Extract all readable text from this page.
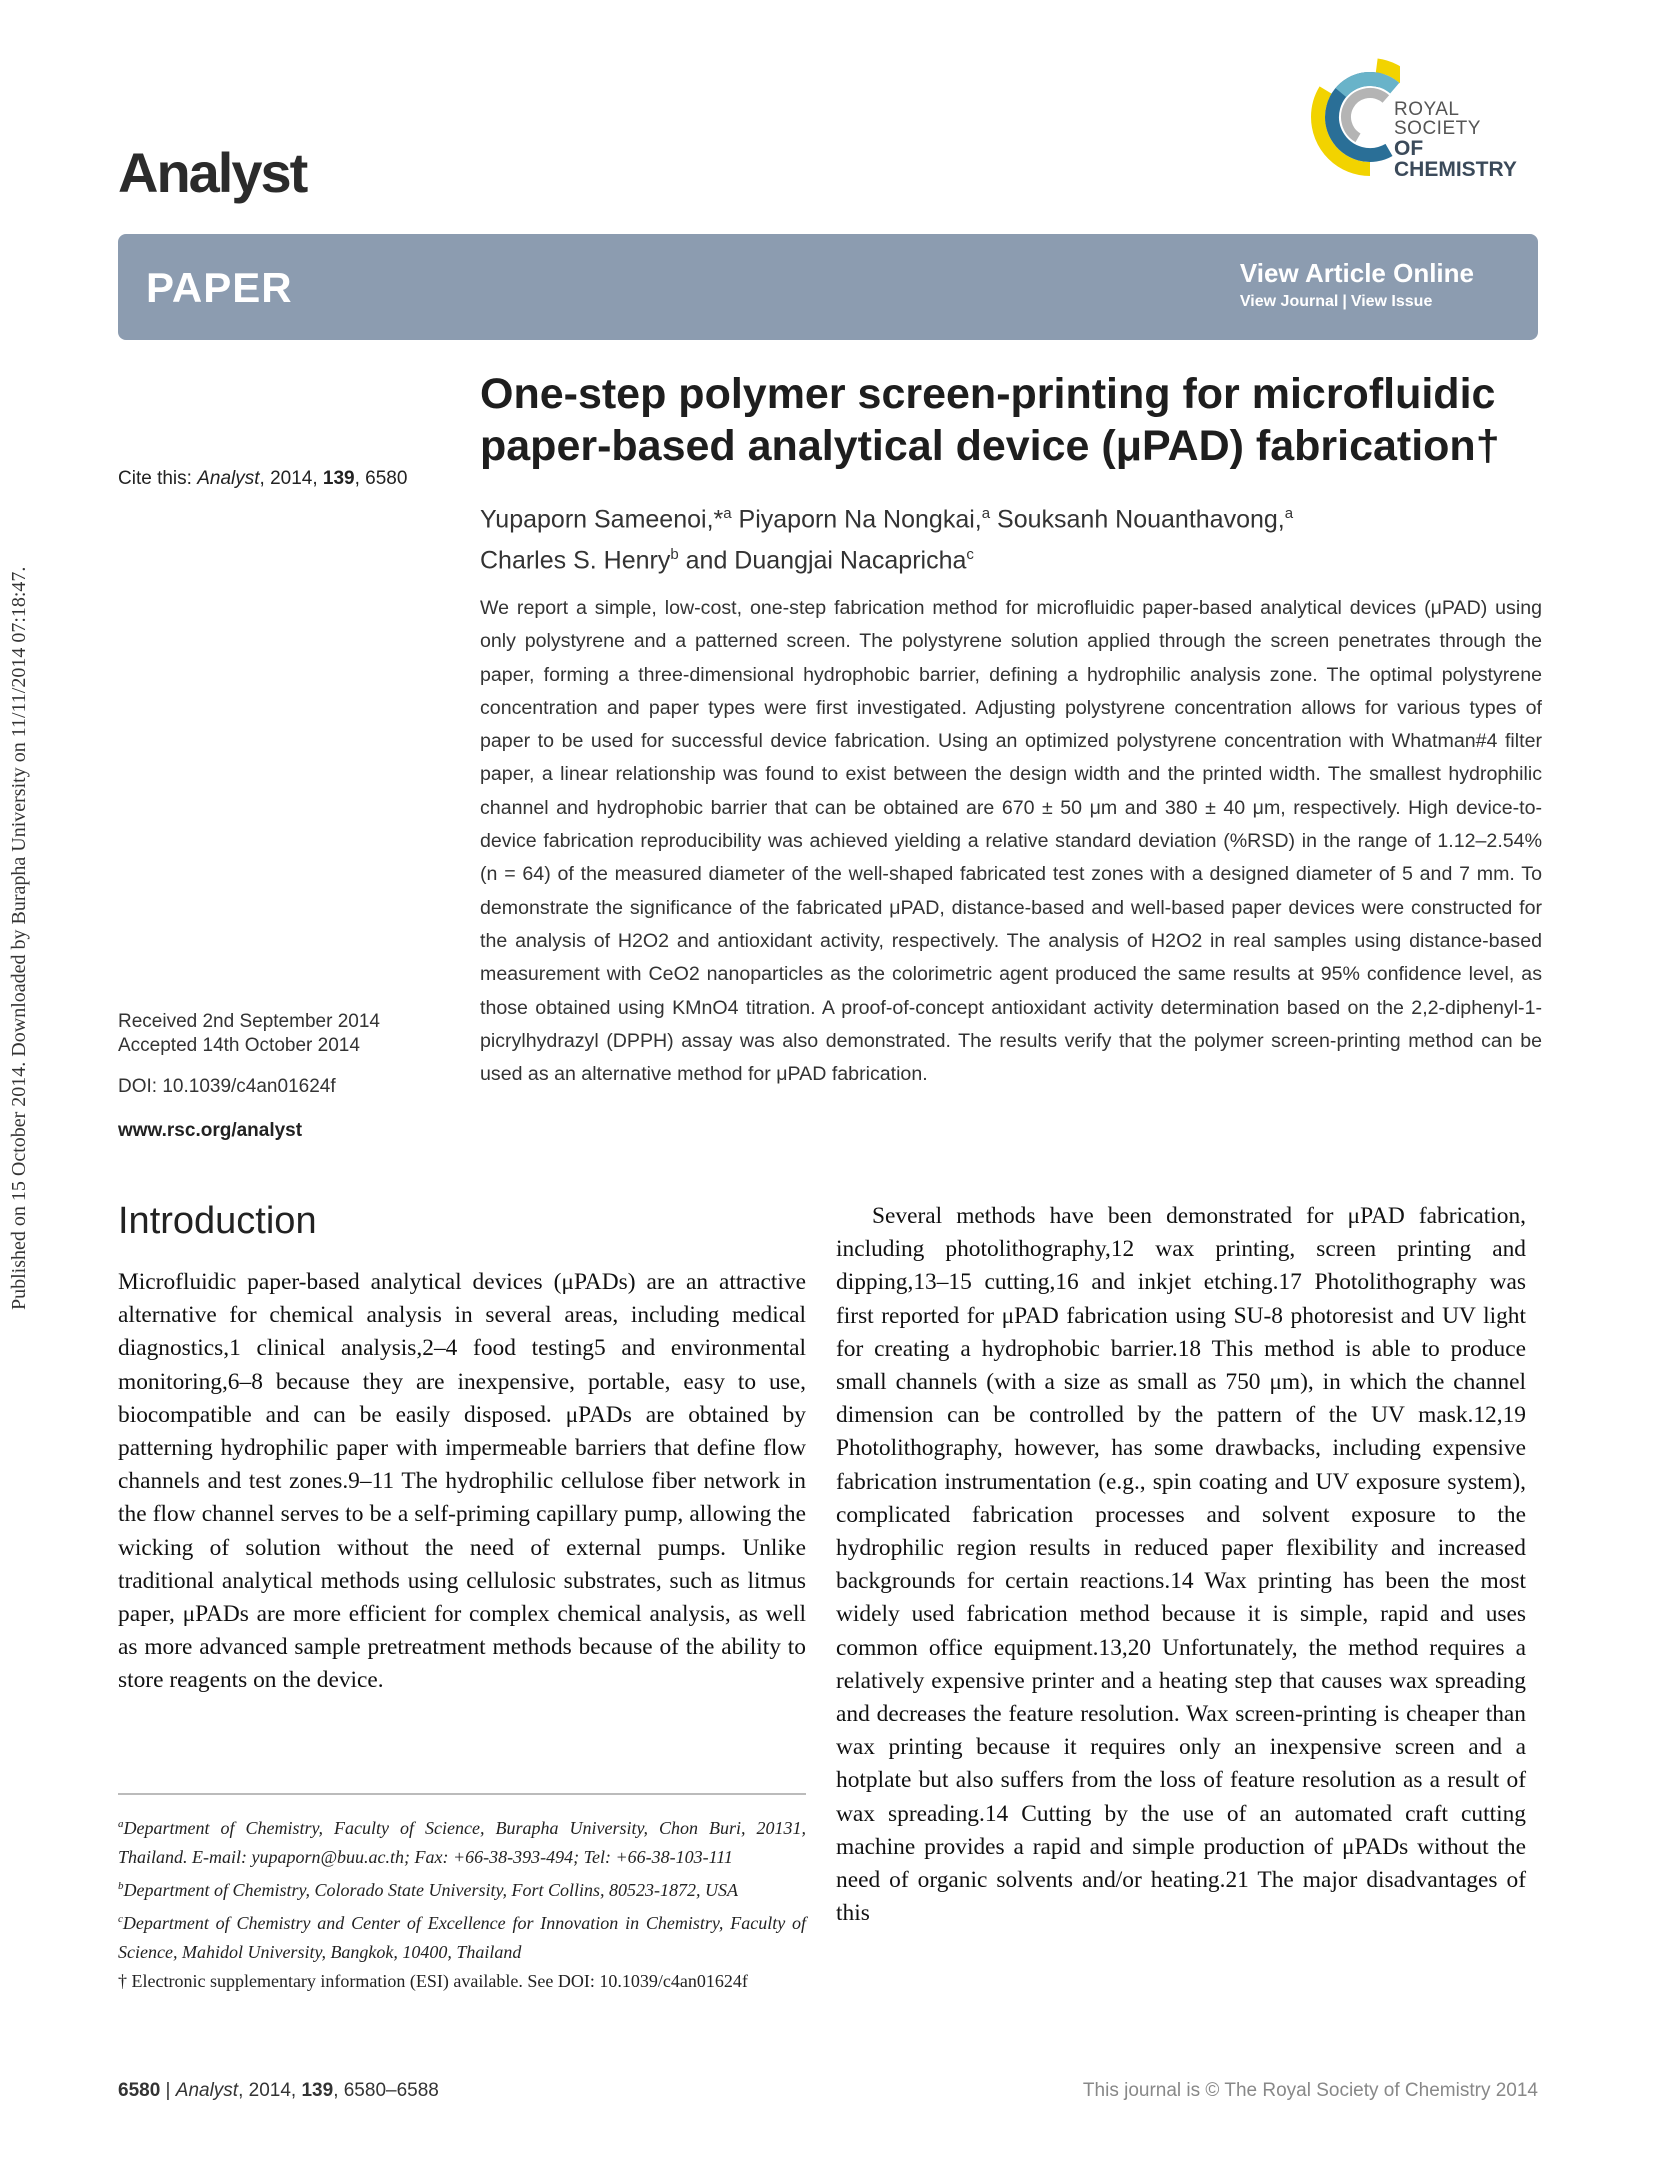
Published on 15 October 2014. Downloaded by Burapha University on 11/11/2014 07:18:47.
Analyst
ROYAL SOCIETY
OF CHEMISTRY
PAPER	View Article Online
View Journal | View Issue
Cite this: Analyst, 2014, 139, 6580
One-step polymer screen-printing for microfluidic paper-based analytical device (μPAD) fabrication†
Yupaporn Sameenoi,*$^a$ Piyaporn Na Nongkai,$^a$ Souksanh Nouanthavong,$^a$
Charles S. Henry$^b$ and Duangjai Nacapricha$^c$
We report a simple, low-cost, one-step fabrication method for microfluidic paper-based analytical devices (μPAD) using only polystyrene and a patterned screen. The polystyrene solution applied through the screen penetrates through the paper, forming a three-dimensional hydrophobic barrier, defining a hydrophilic analysis zone. The optimal polystyrene concentration and paper types were first investigated. Adjusting polystyrene concentration allows for various types of paper to be used for successful device fabrication. Using an optimized polystyrene concentration with Whatman#4 filter paper, a linear relationship was found to exist between the design width and the printed width. The smallest hydrophilic channel and hydrophobic barrier that can be obtained are 670 ± 50 μm and 380 ± 40 μm, respectively. High device-to-device fabrication reproducibility was achieved yielding a relative standard deviation (%RSD) in the range of 1.12–2.54% (n = 64) of the measured diameter of the well-shaped fabricated test zones with a designed diameter of 5 and 7 mm. To demonstrate the significance of the fabricated μPAD, distance-based and well-based paper devices were constructed for the analysis of H2O2 and antioxidant activity, respectively. The analysis of H2O2 in real samples using distance-based measurement with CeO2 nanoparticles as the colorimetric agent produced the same results at 95% confidence level, as those obtained using KMnO4 titration. A proof-of-concept antioxidant activity determination based on the 2,2-diphenyl-1-picrylhydrazyl (DPPH) assay was also demonstrated. The results verify that the polymer screen-printing method can be used as an alternative method for μPAD fabrication.
Received 2nd September 2014
Accepted 14th October 2014
DOI: 10.1039/c4an01624f
www.rsc.org/analyst
Introduction
Microfluidic paper-based analytical devices (μPADs) are an attractive alternative for chemical analysis in several areas, including medical diagnostics,1 clinical analysis,2–4 food testing5 and environmental monitoring,6–8 because they are inexpensive, portable, easy to use, biocompatible and can be easily disposed. μPADs are obtained by patterning hydrophilic paper with impermeable barriers that define flow channels and test zones.9–11 The hydrophilic cellulose fiber network in the flow channel serves to be a self-priming capillary pump, allowing the wicking of solution without the need of external pumps. Unlike traditional analytical methods using cellulosic substrates, such as litmus paper, μPADs are more efficient for complex chemical analysis, as well as more advanced sample pretreatment methods because of the ability to store reagents on the device.
Several methods have been demonstrated for μPAD fabrication, including photolithography,12 wax printing, screen printing and dipping,13–15 cutting,16 and inkjet etching.17 Photolithography was first reported for μPAD fabrication using SU-8 photoresist and UV light for creating a hydrophobic barrier.18 This method is able to produce small channels (with a size as small as 750 μm), in which the channel dimension can be controlled by the pattern of the UV mask.12,19 Photolithography, however, has some drawbacks, including expensive fabrication instrumentation (e.g., spin coating and UV exposure system), complicated fabrication processes and solvent exposure to the hydrophilic region results in reduced paper flexibility and increased backgrounds for certain reactions.14 Wax printing has been the most widely used fabrication method because it is simple, rapid and uses common office equipment.13,20 Unfortunately, the method requires a relatively expensive printer and a heating step that causes wax spreading and decreases the feature resolution. Wax screen-printing is cheaper than wax printing because it requires only an inexpensive screen and a hotplate but also suffers from the loss of feature resolution as a result of wax spreading.14 Cutting by the use of an automated craft cutting machine provides a rapid and simple production of μPADs without the need of organic solvents and/or heating.21 The major disadvantages of this

$^a$Department of Chemistry, Faculty of Science, Burapha University, Chon Buri, 20131, Thailand. E-mail: yupaporn@buu.ac.th; Fax: +66-38-393-494; Tel: +66-38-103-111

$^b$Department of Chemistry, Colorado State University, Fort Collins, 80523-1872, USA

$^c$Department of Chemistry and Center of Excellence for Innovation in Chemistry, Faculty of Science, Mahidol University, Bangkok, 10400, Thailand

† Electronic supplementary information (ESI) available. See DOI: 10.1039/c4an01624f

6580 | Analyst, 2014, 139, 6580–6588	This journal is © The Royal Society of Chemistry 2014
